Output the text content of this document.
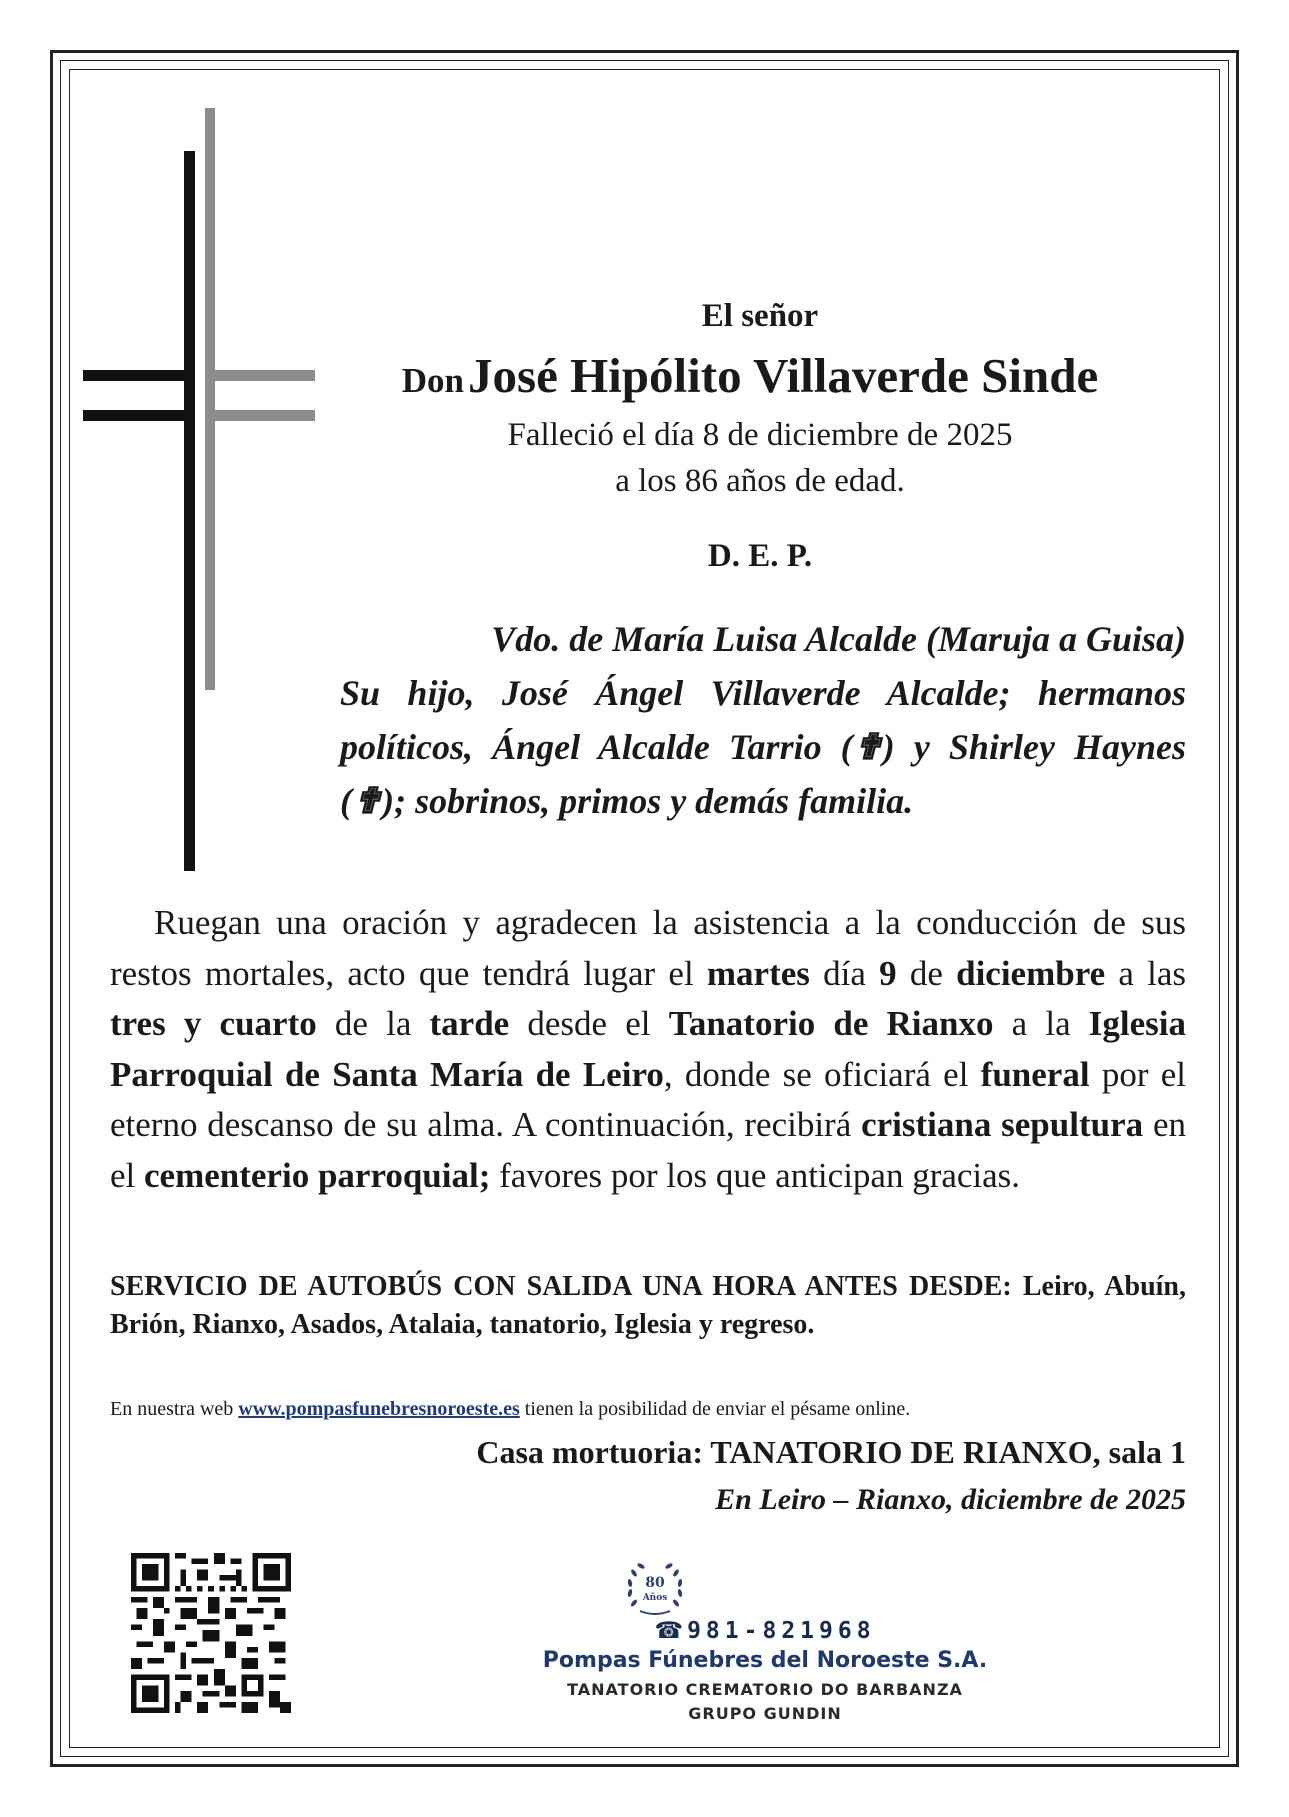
El señor
Don José Hipólito Villaverde Sinde
Falleció el día 8 de diciembre de 2025
a los 86 años de edad.
D. E. P.
Vdo. de María Luisa Alcalde (Maruja a Guisa)

Su hijo, José Ángel Villaverde Alcalde; hermanos políticos, Ángel Alcalde Tarrio (✟) y Shirley Haynes (✟); sobrinos, primos y demás familia.

Ruegan una oración y agradecen la asistencia a la conducción de sus restos mortales, acto que tendrá lugar el martes día 9 de diciembre a las tres y cuarto de la tarde desde el Tanatorio de Rianxo a la Iglesia Parroquial de Santa María de Leiro, donde se oficiará el funeral por el eterno descanso de su alma. A continuación, recibirá cristiana sepultura en el cementerio parroquial; favores por los que anticipan gracias.

SERVICIO DE AUTOBÚS CON SALIDA UNA HORA ANTES DESDE: Leiro, Abuín, Brión, Rianxo, Asados, Atalaia, tanatorio, Iglesia y regreso.

En nuestra web www.pompasfunebresnoroeste.es tienen la posibilidad de enviar el pésame online.
Casa mortuoria: TANATORIO DE RIANXO, sala 1
En Leiro – Rianxo, diciembre de 2025
80
Años
☎ 981-821968
Pompas Fúnebres del Noroeste S.A.
TANATORIO CREMATORIO DO BARBANZA
GRUPO GUNDIN
